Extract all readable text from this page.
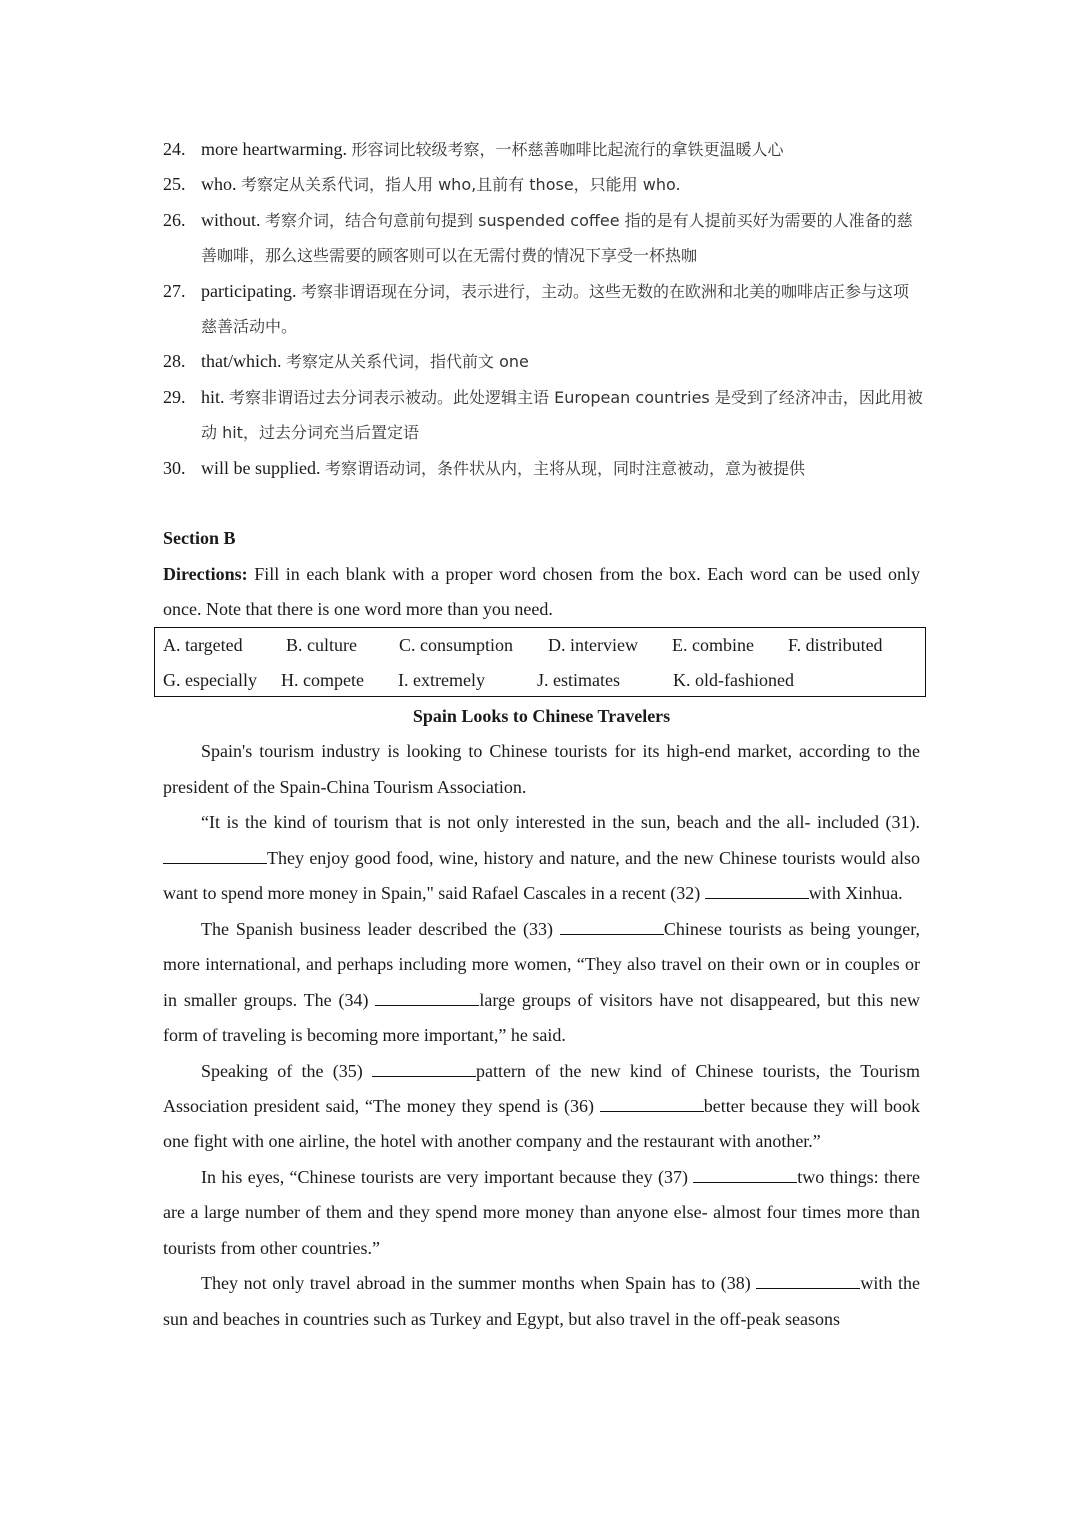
24. more heartwarming. 形容词比较级考察，一杯慈善咖啡比起流行的拿铁更温暖人心
25. who. 考察定从关系代词，指人用 who,且前有 those，只能用 who.
26. without. 考察介词，结合句意前句提到 suspended coffee 指的是有人提前买好为需要的人准备的慈善咖啡，那么这些需要的顾客则可以在无需付费的情况下享受一杯热咖
27. participating. 考察非谓语现在分词，表示进行，主动。这些无数的在欧洲和北美的咖啡店正参与这项慈善活动中。
28. that/which. 考察定从关系代词，指代前文 one
29. hit. 考察非谓语过去分词表示被动。此处逻辑主语 European countries 是受到了经济冲击，因此用被动 hit，过去分词充当后置定语
30. will be supplied. 考察谓语动词，条件状从内，主将从现，同时注意被动，意为被提供
Section B
Directions: Fill in each blank with a proper word chosen from the box. Each word can be used only once. Note that there is one word more than you need.
A. targeted B. culture C. consumption D. interview E. combine F. distributed
G. especially H. compete I. extremely	J. estimates	K. old-fashioned
Spain Looks to Chinese Travelers

Spain's tourism industry is looking to Chinese tourists for its high-end market, according to the president of the Spain-China Tourism Association.

“It is the kind of tourism that is not only interested in the sun, beach and the all- included (31). They enjoy good food, wine, history and nature, and the new Chinese tourists would also want to spend more money in Spain," said Rafael Cascales in a recent (32)	with Xinhua.

The Spanish business leader described the (33)	Chinese tourists as being younger, more international, and perhaps including more women, “They also travel on their own or in couples or in smaller groups. The (34)	large groups of visitors have not disappeared, but this new form of traveling is becoming more important,” he said.

Speaking of the (35)	pattern of the new kind of Chinese tourists, the Tourism Association president said, “The money they spend is (36)	better because they will book one fight with one airline, the hotel with another company and the restaurant with another.”

In his eyes, “Chinese tourists are very important because they (37)	two things: there are a large number of them and they spend more money than anyone else- almost four times more than tourists from other countries.”

They not only travel abroad in the summer months when Spain has to (38)	with the sun and beaches in countries such as Turkey and Egypt, but also travel in the off-peak seasons
